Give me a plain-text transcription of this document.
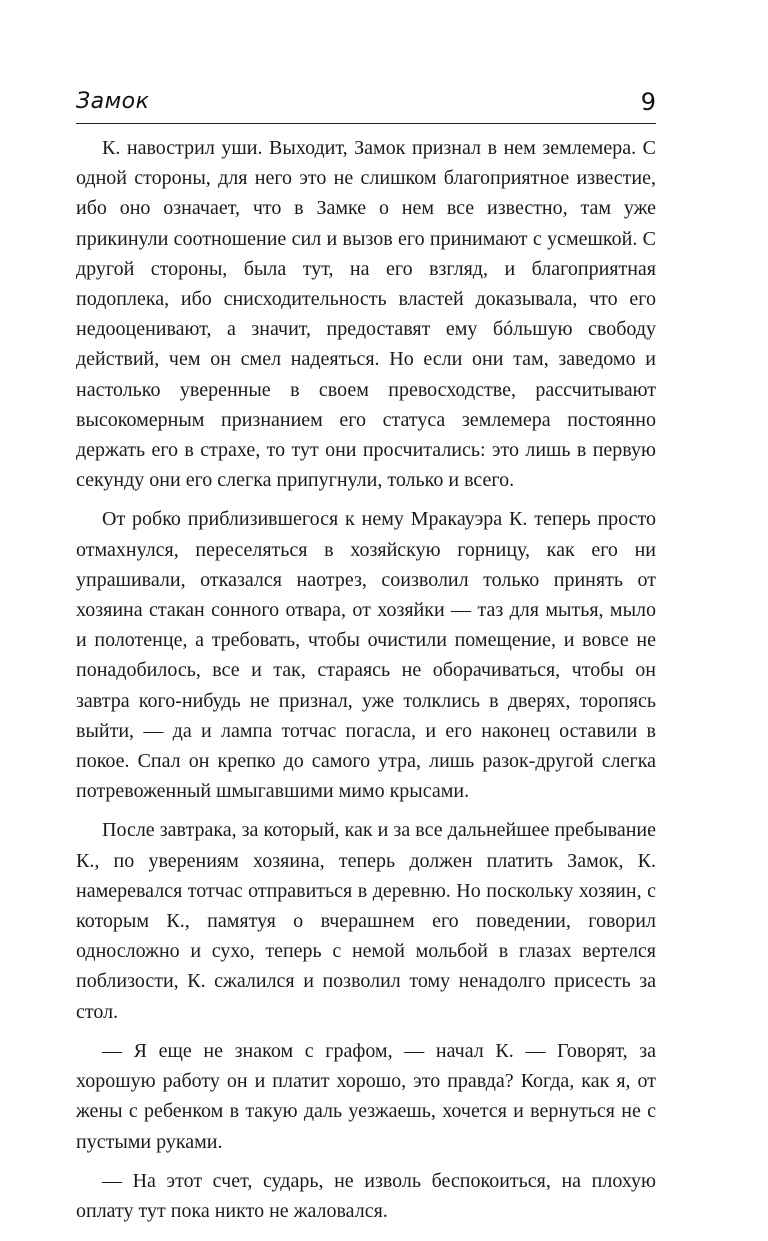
Замок	9

К. навострил уши. Выходит, Замок признал в нем землемера. С одной стороны, для него это не слишком благоприятное известие, ибо оно означает, что в Замке о нем все известно, там уже прикинули соотношение сил и вызов его принимают с усмешкой. С другой стороны, была тут, на его взгляд, и благоприятная подоплека, ибо снисходительность властей доказывала, что его недооценивают, а значит, предоставят ему бóльшую свободу действий, чем он смел надеяться. Но если они там, заведомо и настолько уверенные в своем превосходстве, рассчитывают высокомерным признанием его статуса землемера постоянно держать его в страхе, то тут они просчитались: это лишь в первую секунду они его слегка припугнули, только и всего.

От робко приблизившегося к нему Мракауэра К. теперь просто отмахнулся, переселяться в хозяйскую горницу, как его ни упрашивали, отказался наотрез, соизволил только принять от хозяина стакан сонного отвара, от хозяйки — таз для мытья, мыло и полотенце, а требовать, чтобы очистили помещение, и вовсе не понадобилось, все и так, стараясь не оборачиваться, чтобы он завтра кого-нибудь не признал, уже толклись в дверях, торопясь выйти, — да и лампа тотчас погасла, и его наконец оставили в покое. Спал он крепко до самого утра, лишь разок-другой слегка потревоженный шмыгавшими мимо крысами.

После завтрака, за который, как и за все дальнейшее пребывание К., по уверениям хозяина, теперь должен платить Замок, К. намеревался тотчас отправиться в деревню. Но поскольку хозяин, с которым К., памятуя о вчерашнем его поведении, говорил односложно и сухо, теперь с немой мольбой в глазах вертелся поблизости, К. сжалился и позволил тому ненадолго присесть за стол.

— Я еще не знаком с графом, — начал К. — Говорят, за хорошую работу он и платит хорошо, это правда? Когда, как я, от жены с ребенком в такую даль уезжаешь, хочется и вернуться не с пустыми руками.

— На этот счет, сударь, не изволь беспокоиться, на плохую оплату тут пока никто не жаловался.
